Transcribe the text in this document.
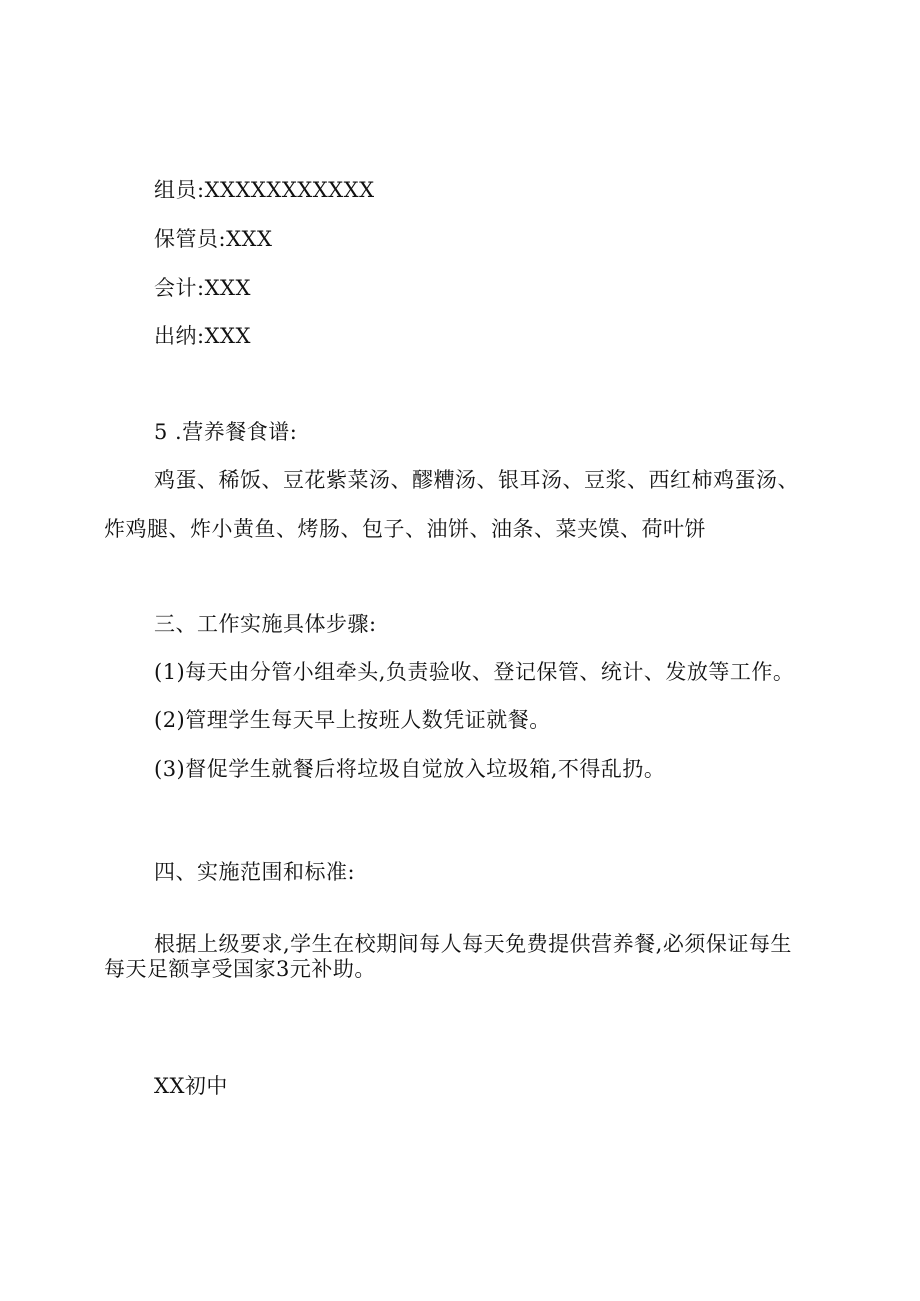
组员:XXXXXXXXXXX
保管员:XXX
会计:XXX
出纳:XXX
5 .营养餐食谱:
鸡蛋、稀饭、豆花紫菜汤、醪糟汤、银耳汤、豆浆、西红柿鸡蛋汤、
炸鸡腿、炸小黄鱼、烤肠、包子、油饼、油条、菜夹馍、荷叶饼
三、工作实施具体步骤:
(1)每天由分管小组牵头,负责验收、登记保管、统计、发放等工作。
(2)管理学生每天早上按班人数凭证就餐。
(3)督促学生就餐后将垃圾自觉放入垃圾箱,不得乱扔。
四、实施范围和标准:
根据上级要求,学生在校期间每人每天免费提供营养餐,必须保证每生
每天足额享受国家3元补助。
XX初中
